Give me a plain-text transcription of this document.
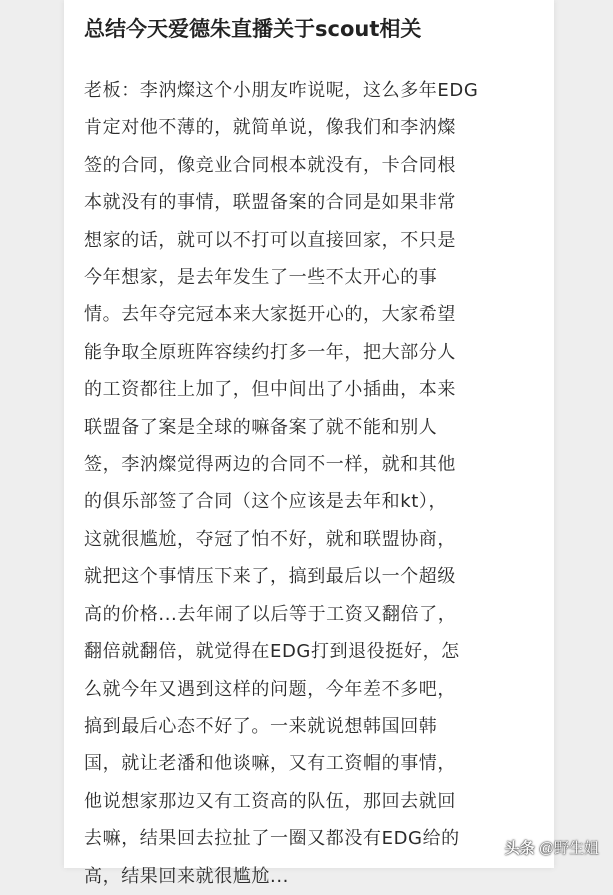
总结今天爱德朱直播关于scout相关
老板：李汭燦这个小朋友咋说呢，这么多年EDG
肯定对他不薄的，就简单说，像我们和李汭燦
签的合同，像竞业合同根本就没有，卡合同根
本就没有的事情，联盟备案的合同是如果非常
想家的话，就可以不打可以直接回家，不只是
今年想家，是去年发生了一些不太开心的事
情。去年夺完冠本来大家挺开心的，大家希望
能争取全原班阵容续约打多一年，把大部分人
的工资都往上加了，但中间出了小插曲，本来
联盟备了案是全球的嘛备案了就不能和别人
签，李汭燦觉得两边的合同不一样，就和其他
的俱乐部签了合同（这个应该是去年和kt），
这就很尴尬，夺冠了怕不好，就和联盟协商，
就把这个事情压下来了，搞到最后以一个超级
高的价格...去年闹了以后等于工资又翻倍了，
翻倍就翻倍，就觉得在EDG打到退役挺好，怎
么就今年又遇到这样的问题，今年差不多吧，
搞到最后心态不好了。一来就说想韩国回韩
国，就让老潘和他谈嘛，又有工资帽的事情，
他说想家那边又有工资高的队伍，那回去就回
去嘛，结果回去拉扯了一圈又都没有EDG给的
高，结果回来就很尴尬...
头条 @野生姐
